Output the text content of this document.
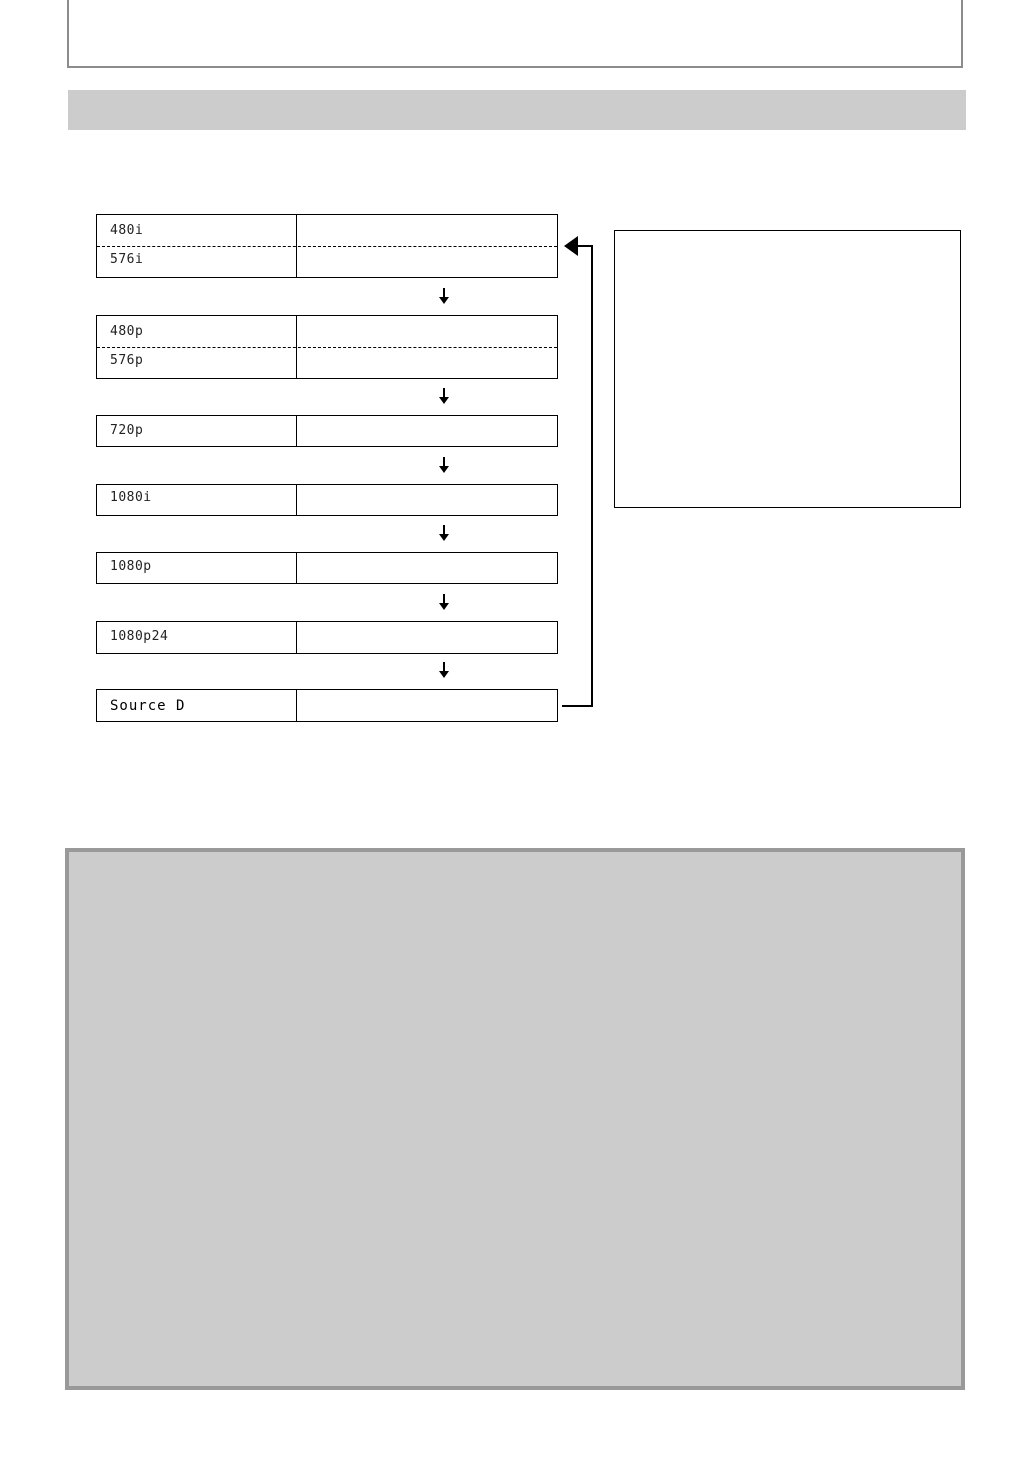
480i
576i
480p
576p
720p
1080i
1080p
1080p24
Source D
